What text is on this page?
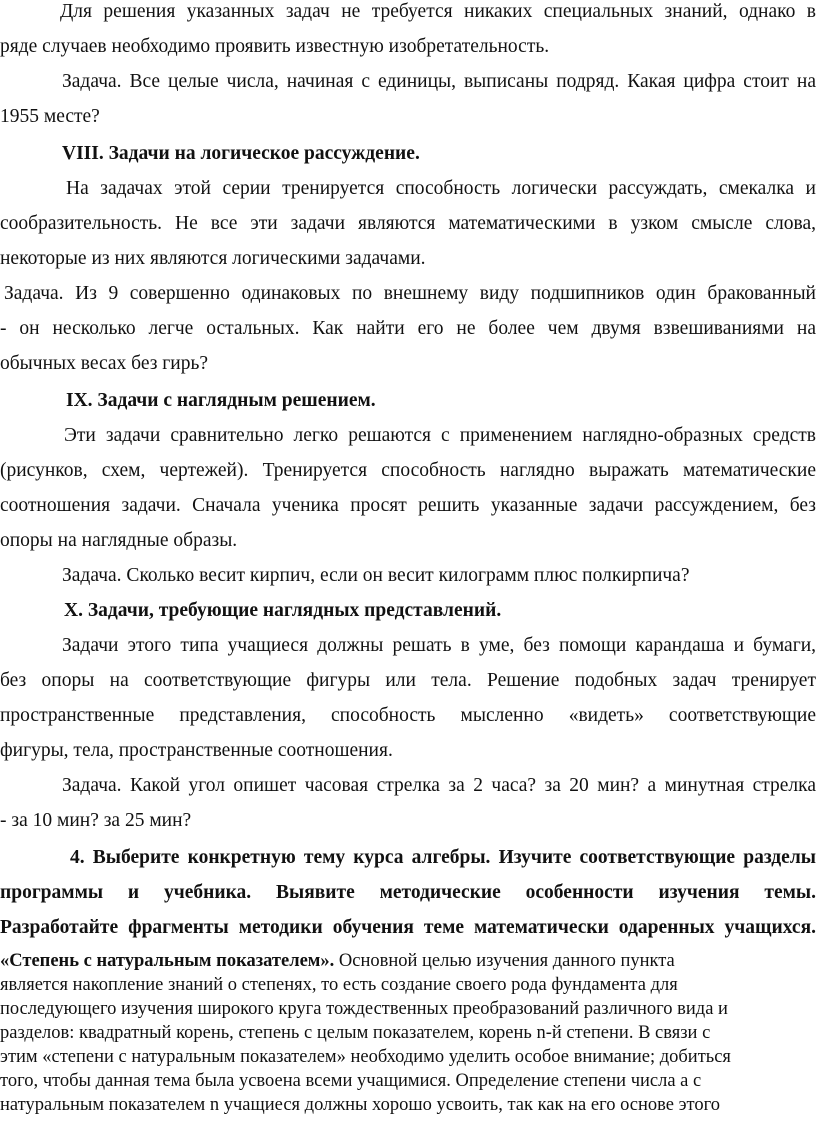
Для решения указанных задач не требуется никаких специальных знаний, однако в

ряде случаев необходимо проявить известную изобретательность.

Задача. Все целые числа, начиная с единицы, выписаны подряд. Какая цифра стоит на

1955 месте?

VIII. Задачи на логическое рассуждение.

На задачах этой серии тренируется способность логически рассуждать, смекалка и

сообразительность. Не все эти задачи являются математическими в узком смысле слова,

некоторые из них являются логическими задачами.

Задача. Из 9 совершенно одинаковых по внешнему виду подшипников один бракованный

- он несколько легче остальных. Как найти его не более чем двумя взвешиваниями на

обычных весах без гирь?

IX. Задачи с наглядным решением.

Эти задачи сравнительно легко решаются с применением наглядно-образных средств

(рисунков, схем, чертежей). Тренируется способность наглядно выражать математические

соотношения задачи. Сначала ученика просят решить указанные задачи рассуждением, без

опоры на наглядные образы.

Задача. Сколько весит кирпич, если он весит килограмм плюс полкирпича?

X. Задачи, требующие наглядных представлений.

Задачи этого типа учащиеся должны решать в уме, без помощи карандаша и бумаги,

без опоры на соответствующие фигуры или тела. Решение подобных задач тренирует

пространственные представления, способность мысленно «видеть» соответствующие

фигуры, тела, пространственные соотношения.

Задача. Какой угол опишет часовая стрелка за 2 часа? за 20 мин? а минутная стрелка

- за 10 мин? за 25 мин?

4. Выберите конкретную тему курса алгебры. Изучите соответствующие разделы

программы и учебника. Выявите методические особенности изучения темы.

Разработайте фрагменты методики обучения теме математически одаренных учащихся.

«Степень с натуральным показателем». Основной целью изучения данного пункта

является накопление знаний о степенях, то есть создание своего рода фундамента для

последующего изучения широкого круга тождественных преобразований различного вида и

разделов: квадратный корень, степень с целым показателем, корень n-й степени. В связи с

этим «степени с натуральным показателем» необходимо уделить особое внимание; добиться

того, чтобы данная тема была усвоена всеми учащимися. Определение степени числа a с

натуральным показателем n учащиеся должны хорошо усвоить, так как на его основе этого
